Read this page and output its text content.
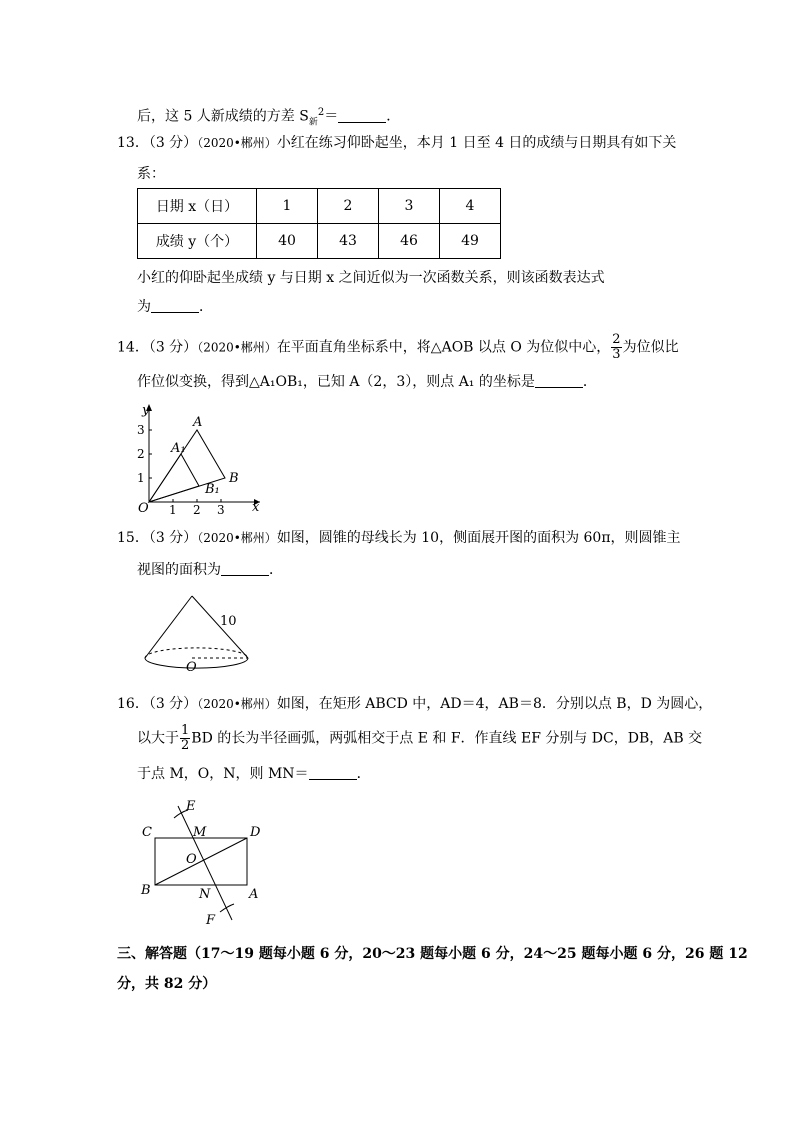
后，这 5 人新成绩的方差 $S_新^2=$	．
13．（3 分）（2020•郴州）小红在练习仰卧起坐，本月 1 日至 4 日的成绩与日期具有如下关
系：
日期 x（日）	1	2	3	4
成绩 y（个）	40	43	46	49
小红的仰卧起坐成绩 y 与日期 x 之间近似为一次函数关系，则该函数表达式
为	．
14．（3 分）（2020•郴州）在平面直角坐标系中，将△AOB 以点 O 为位似中心， $\frac{2}{3}$ 为位似比
作位似变换，得到△A₁OB₁，已知 A（2，3），则点 A₁ 的坐标是	．
y
x
O
3
2
1
1 2 3
A
B
A₁
B₁
15．（3 分）（2020•郴州）如图，圆锥的母线长为 10，侧面展开图的面积为 60π，则圆锥主
视图的面积为	．
10
O
16．（3 分）（2020•郴州）如图，在矩形 ABCD 中，AD＝4，AB＝8．分别以点 B，D 为圆心，
以大于 $\frac{1}{2}$ BD 的长为半径画弧，两弧相交于点 E 和 F．作直线 EF 分别与 DC，DB，AB 交
于点 M，O，N，则 MN＝	．
C	D
B	A
E
F
M
N
O
三、解答题（17～19 题每小题 6 分，20～23 题每小题 6 分，24～25 题每小题 6 分，26 题 12
分，共 82 分）
